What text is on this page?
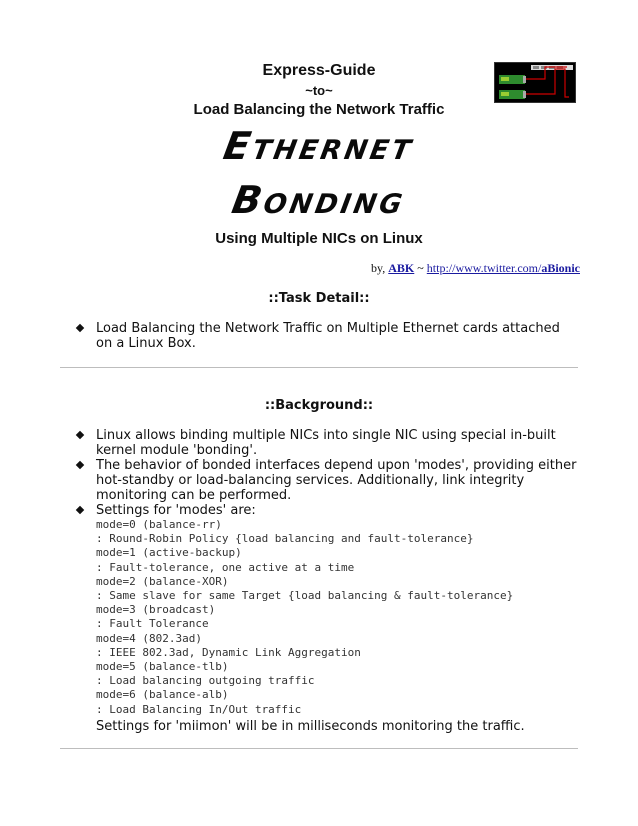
Express-Guide

~to~

Load Balancing the Network Traffic

Ethernet
Bonding
Using Multiple NICs on Linux
by, ABK ~ http://www.twitter.com/aBionic
::Task Detail::
Load Balancing the Network Traffic on Multiple Ethernet cards attached on a Linux Box.
::Background::
Linux allows binding multiple NICs into single NIC using special in-built kernel module 'bonding'.
The behavior of bonded interfaces depend upon 'modes', providing either hot-standby or load-balancing services. Additionally, link integrity monitoring can be performed.
Settings for 'modes' are:
mode=0 (balance-rr)
: Round-Robin Policy {load balancing and fault-tolerance}
mode=1 (active-backup)
: Fault-tolerance, one active at a time
mode=2 (balance-XOR)
: Same slave for same Target {load balancing & fault-tolerance}
mode=3 (broadcast)
: Fault Tolerance
mode=4 (802.3ad)
: IEEE 802.3ad, Dynamic Link Aggregation
mode=5 (balance-tlb)
: Load balancing outgoing traffic
mode=6 (balance-alb)
: Load Balancing In/Out traffic
Settings for 'miimon' will be in milliseconds monitoring the traffic.
